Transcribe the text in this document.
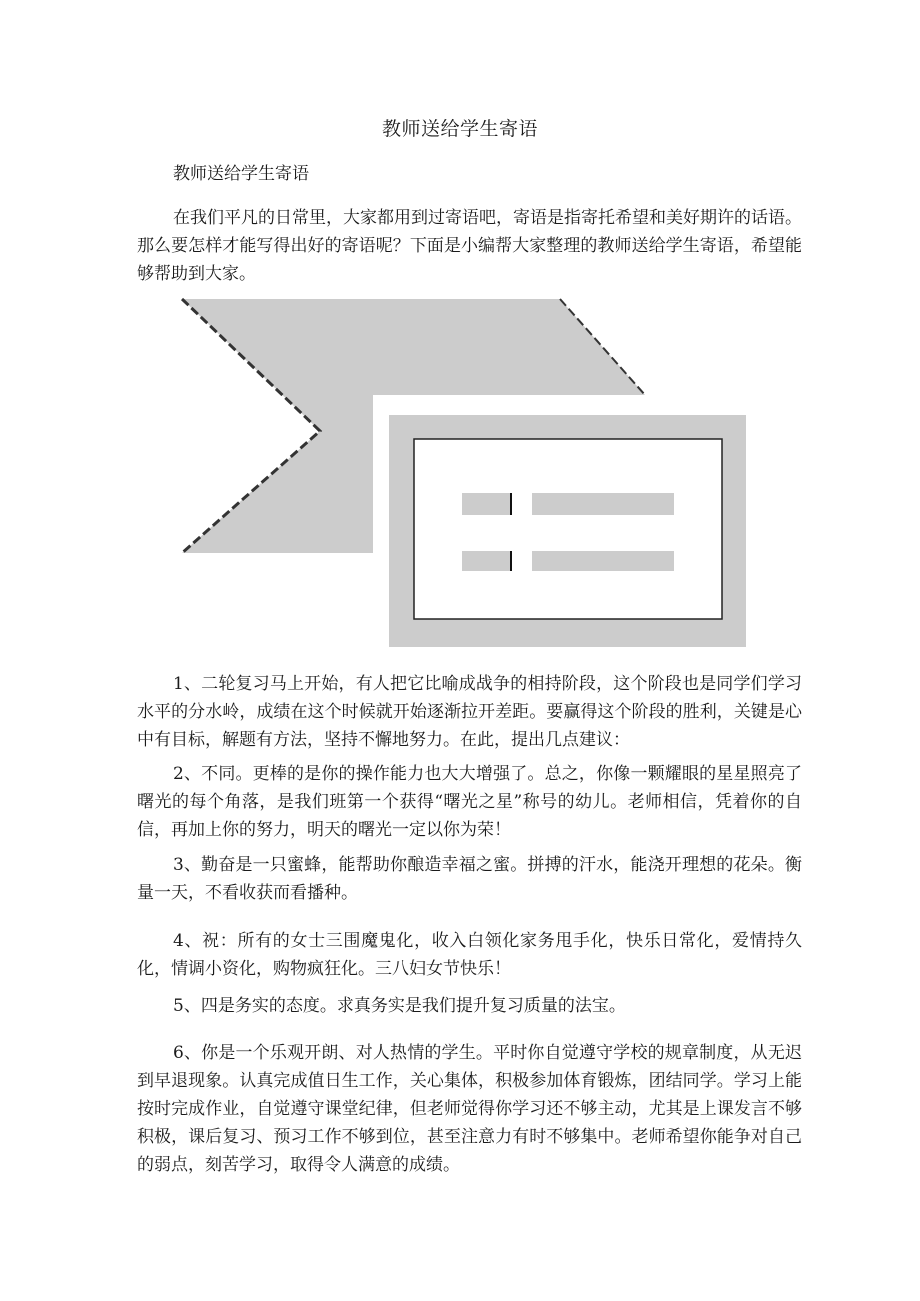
教师送给学生寄语

教师送给学生寄语

在我们平凡的日常里，大家都用到过寄语吧，寄语是指寄托希望和美好期许的话语。那么要怎样才能写得出好的寄语呢？下面是小编帮大家整理的教师送给学生寄语，希望能够帮助到大家。

1、二轮复习马上开始，有人把它比喻成战争的相持阶段，这个阶段也是同学们学习水平的分水岭，成绩在这个时候就开始逐渐拉开差距。要赢得这个阶段的胜利，关键是心中有目标，解题有方法，坚持不懈地努力。在此，提出几点建议：

2、不同。更棒的是你的操作能力也大大增强了。总之，你像一颗耀眼的星星照亮了曙光的每个角落，是我们班第一个获得“曙光之星”称号的幼儿。老师相信，凭着你的自信，再加上你的努力，明天的曙光一定以你为荣！

3、勤奋是一只蜜蜂，能帮助你酿造幸福之蜜。拼搏的汗水，能浇开理想的花朵。衡量一天，不看收获而看播种。

4、祝：所有的女士三围魔鬼化，收入白领化家务甩手化，快乐日常化，爱情持久化，情调小资化，购物疯狂化。三八妇女节快乐！

5、四是务实的态度。求真务实是我们提升复习质量的法宝。

6、你是一个乐观开朗、对人热情的学生。平时你自觉遵守学校的规章制度，从无迟到早退现象。认真完成值日生工作，关心集体，积极参加体育锻炼，团结同学。学习上能按时完成作业，自觉遵守课堂纪律，但老师觉得你学习还不够主动，尤其是上课发言不够积极，课后复习、预习工作不够到位，甚至注意力有时不够集中。老师希望你能争对自己的弱点，刻苦学习，取得令人满意的成绩。
